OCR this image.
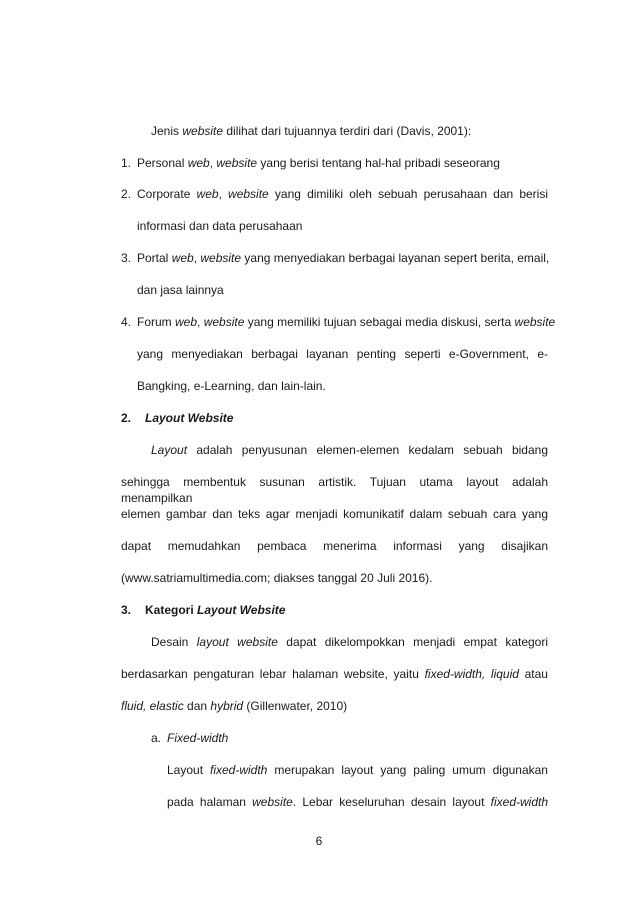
Jenis website dilihat dari tujuannya terdiri dari (Davis, 2001):
1. Personal web, website yang berisi tentang hal-hal pribadi seseorang
2. Corporate web, website yang dimiliki oleh sebuah perusahaan dan berisi
informasi dan data perusahaan
3. Portal web, website yang menyediakan berbagai layanan sepert berita, email,
dan jasa lainnya
4. Forum web, website yang memiliki tujuan sebagai media diskusi, serta website
yang menyediakan berbagai layanan penting seperti e-Government, e-
Bangking, e-Learning, dan lain-lain.
2. Layout Website
Layout adalah penyusunan elemen-elemen kedalam sebuah bidang
sehingga membentuk susunan artistik. Tujuan utama layout adalah menampilkan
elemen gambar dan teks agar menjadi komunikatif dalam sebuah cara yang
dapat memudahkan pembaca menerima informasi yang disajikan
(www.satriamultimedia.com; diakses tanggal 20 Juli 2016).
3. Kategori Layout Website
Desain layout website dapat dikelompokkan menjadi empat kategori
berdasarkan pengaturan lebar halaman website, yaitu fixed-width, liquid atau
fluid, elastic dan hybrid (Gillenwater, 2010)
a. Fixed-width
Layout fixed-width merupakan layout yang paling umum digunakan
pada halaman website. Lebar keseluruhan desain layout fixed-width
6
